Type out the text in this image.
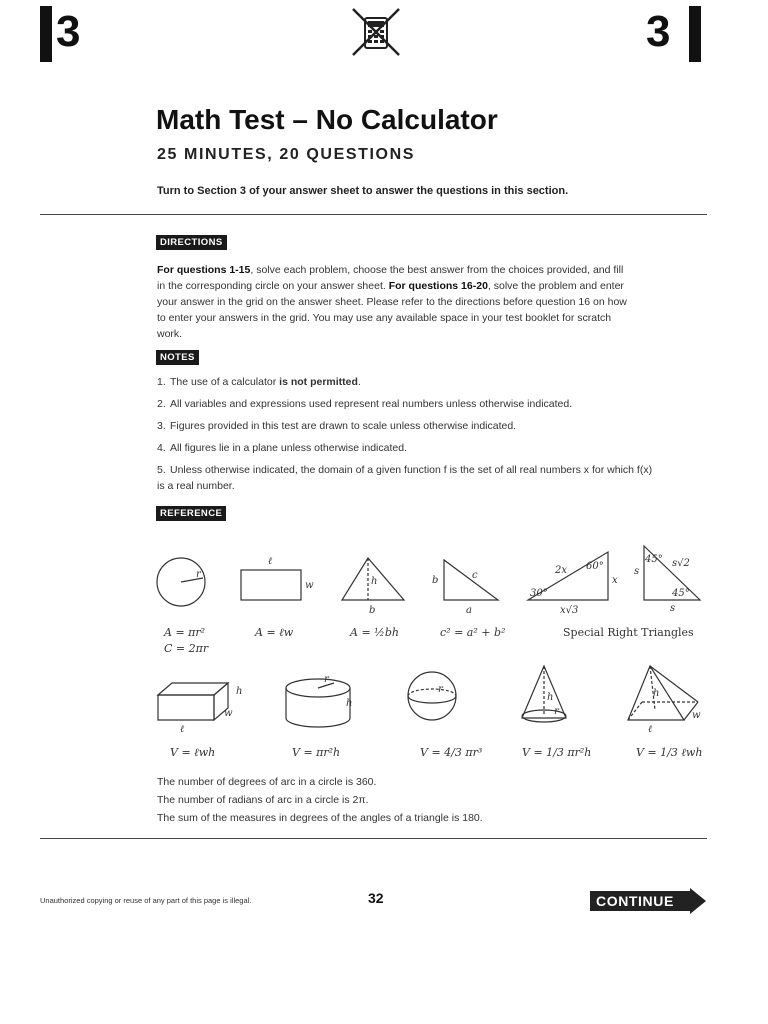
3	3
Math Test – No Calculator
25 MINUTES, 20 QUESTIONS
Turn to Section 3 of your answer sheet to answer the questions in this section.
DIRECTIONS
For questions 1-15, solve each problem, choose the best answer from the choices provided, and fill in the corresponding circle on your answer sheet. For questions 16-20, solve the problem and enter your answer in the grid on the answer sheet. Please refer to the directions before question 16 on how to enter your answers in the grid. You may use any available space in your test booklet for scratch work.
NOTES
1. The use of a calculator is not permitted.
2. All variables and expressions used represent real numbers unless otherwise indicated.
3. Figures provided in this test are drawn to scale unless otherwise indicated.
4. All figures lie in a plane unless otherwise indicated.
5. Unless otherwise indicated, the domain of a given function f is the set of all real numbers x for which f(x) is a real number.
REFERENCE
r
ℓ
w	h
b
b	c
a
2x 60°
x
30°
x√3
s
45° s√2
45°
s
h
w
ℓ
h
r
r
h
r
h
w
ℓ
A = πr²
C = 2πr
A = ℓw	A = ½bh	c² = a² + b²	Special Right Triangles
V = ℓwh	V = πr²h	V = 4/3 πr³	V = 1/3 πr²h	V = 1/3 ℓwh
The number of degrees of arc in a circle is 360.
The number of radians of arc in a circle is 2π.
The sum of the measures in degrees of the angles of a triangle is 180.
Unauthorized copying or reuse of any part of this page is illegal.	32	CONTINUE
